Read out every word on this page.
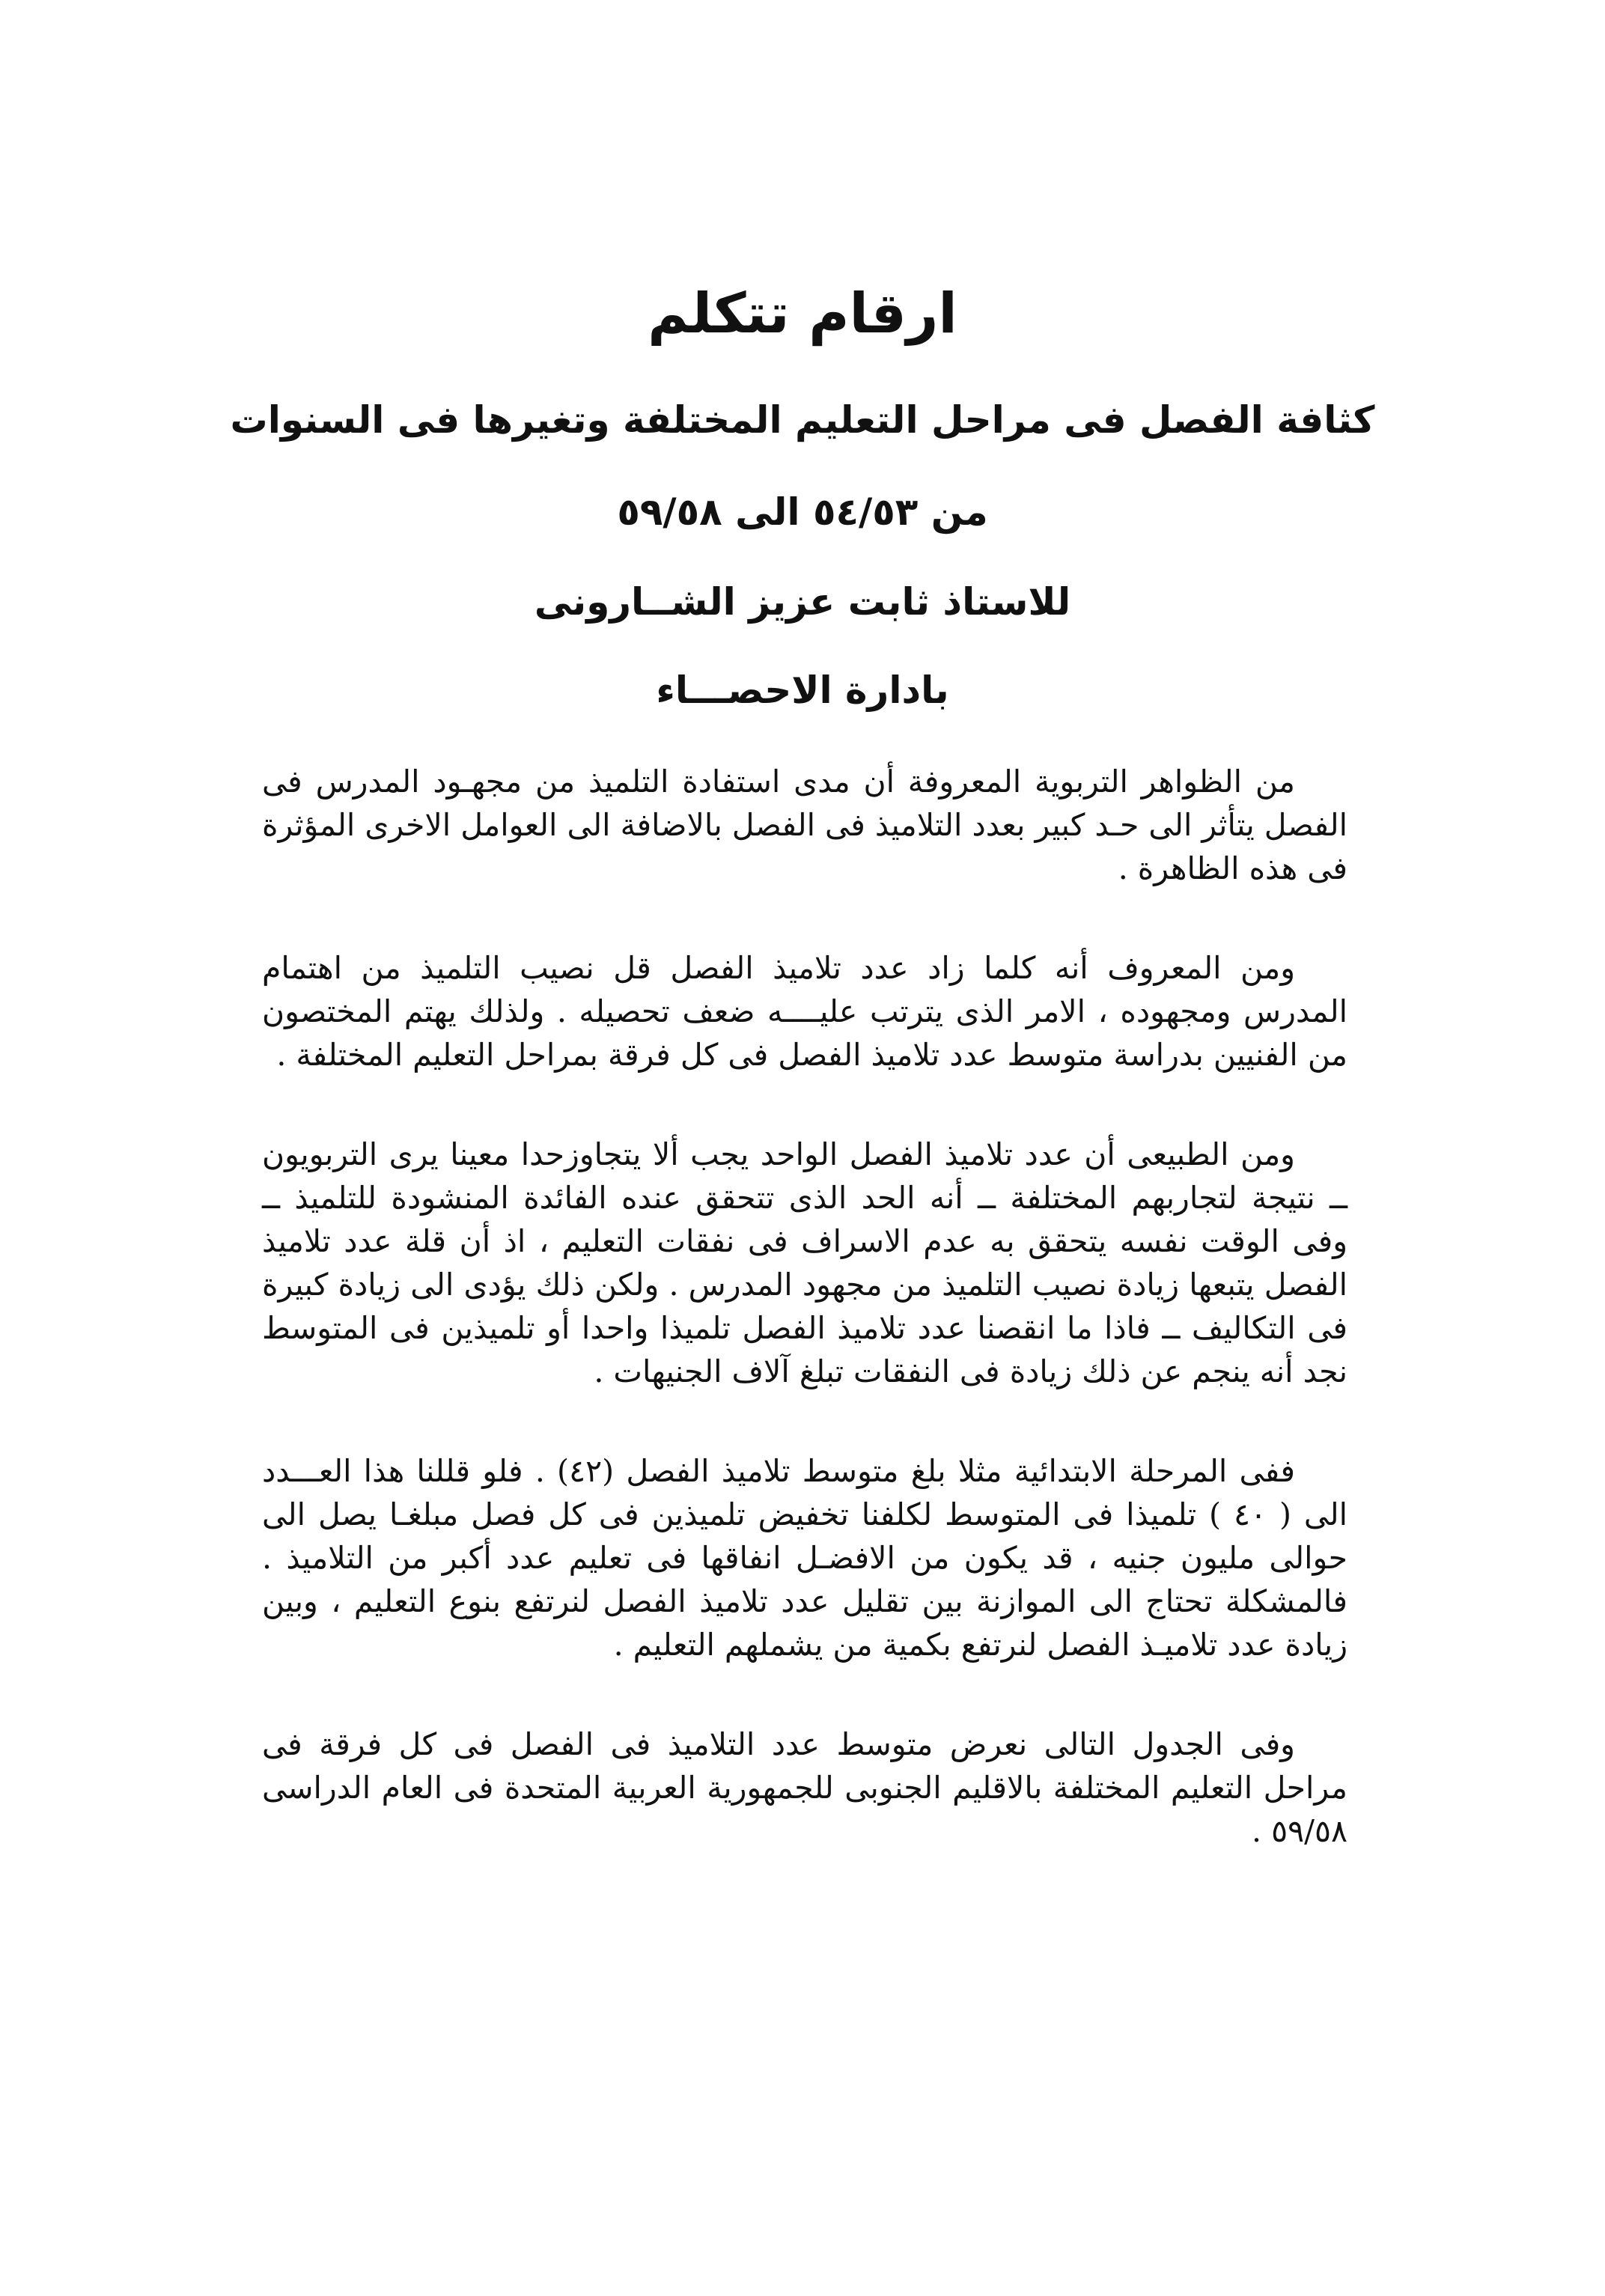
ارقام تتكلم
كثافة الفصل فى مراحل التعليم المختلفة وتغيرها فى السنوات
من ٥٤/٥٣ الى ٥٩/٥٨
للاستاذ ثابت عزيز الشــارونى
بادارة الاحصـــاء

من الظواهر التربوية المعروفة أن مدى استفادة التلميذ من مجهـود المدرس فى الفصل يتأثر الى حـد كبير بعدد التلاميذ فى الفصل بالاضافة الى العوامل الاخرى المؤثرة فى هذه الظاهرة .

ومن المعروف أنه كلما زاد عدد تلاميذ الفصل قل نصيب التلميذ من اهتمام المدرس ومجهوده ، الامر الذى يترتب عليــــه ضعف تحصيله . ولذلك يهتم المختصون من الفنيين بدراسة متوسط عدد تلاميذ الفصل فى كل فرقة بمراحل التعليم المختلفة .

ومن الطبيعى أن عدد تلاميذ الفصل الواحد يجب ألا يتجاوزحدا معينا يرى التربويون ــ نتيجة لتجاربهم المختلفة ــ أنه الحد الذى تتحقق عنده الفائدة المنشودة للتلميذ ــ وفى الوقت نفسه يتحقق به عدم الاسراف فى نفقات التعليم ، اذ أن قلة عدد تلاميذ الفصل يتبعها زيادة نصيب التلميذ من مجهود المدرس . ولكن ذلك يؤدى الى زيادة كبيرة فى التكاليف ــ فاذا ما انقصنا عدد تلاميذ الفصل تلميذا واحدا أو تلميذين فى المتوسط نجد أنه ينجم عن ذلك زيادة فى النفقات تبلغ آلاف الجنيهات .

ففى المرحلة الابتدائية مثلا بلغ متوسط تلاميذ الفصل (٤٢) . فلو قللنا هذا العـــدد الى ( ٤٠ ) تلميذا فى المتوسط لكلفنا تخفيض تلميذين فى كل فصل مبلغـا يصل الى حوالى مليون جنيه ، قد يكون من الافضـل انفاقها فى تعليم عدد أكبر من التلاميذ . فالمشكلة تحتاج الى الموازنة بين تقليل عدد تلاميذ الفصل لنرتفع بنوع التعليم ، وبين زيادة عدد تلاميـذ الفصل لنرتفع بكمية من يشملهم التعليم .

وفى الجدول التالى نعرض متوسط عدد التلاميذ فى الفصل فى كل فرقة فى مراحل التعليم المختلفة بالاقليم الجنوبى للجمهورية العربية المتحدة فى العام الدراسى ٥٩/٥٨ .
